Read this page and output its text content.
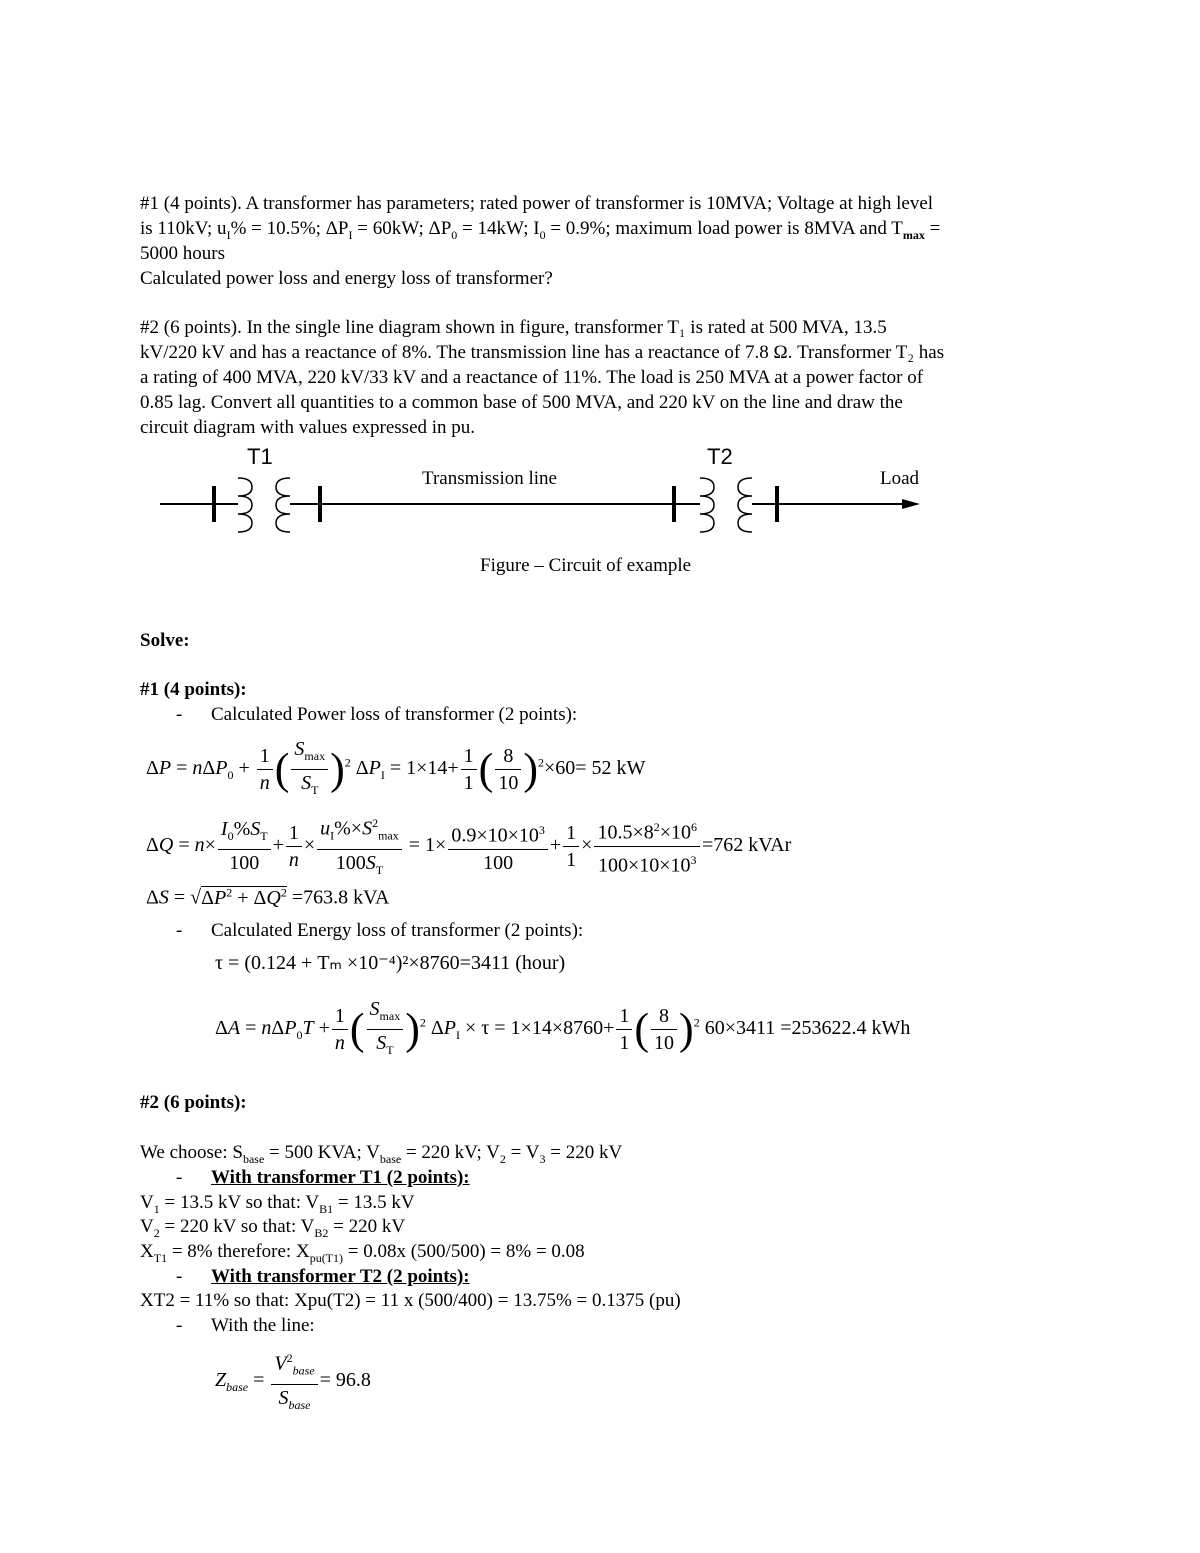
#1 (4 points). A transformer has parameters; rated power of transformer is 10MVA; Voltage at high level
is 110kV; $u_I\% = 10.5\%$; $\Delta P_I = 60kW$; $\Delta P_0 = 14kW$; $I_0 = 0.9\%$; maximum load power is 8MVA and $T_{max}$ =
5000 hours
Calculated power loss and energy loss of transformer?
#2 (6 points). In the single line diagram shown in figure, transformer T₁ is rated at 500 MVA, 13.5
kV/220 kV and has a reactance of 8%. The transmission line has a reactance of 7.8 Ω. Transformer T₂ has
a rating of 400 MVA, 220 kV/33 kV and a reactance of 11%. The load is 250 MVA at a power factor of
0.85 lag. Convert all quantities to a common base of 500 MVA, and 220 kV on the line and draw the
circuit diagram with values expressed in pu.
T1	T2
Transmission line	Load
Figure – Circuit of example
Solve:
#1 (4 points):
- Calculated Power loss of transformer (2 points):
$\Delta P = n\Delta P_0 + \frac{1}{n}$ ( $\frac{S_{max}}{S_T} )^2$ $\Delta P_I = 1\times 14+ \frac{1}{1}$ ( $\frac{8}{10} )^2\times 60= 52$ kW
$\Delta Q = n\times \frac{I_0\%S_T}{100} + \frac{1}{n} \times \frac{u_I\%\times S^2_{max}}{100S_T} = 1\times \frac{0.9\times 10\times 10^3}{100} + \frac{1}{1} \times \frac{10.5\times 8^2\times 10^6}{100\times 10\times 10^3} =762$ kVAr
$\Delta S = √\Delta P^2 + \Delta Q^2 =763.8$ kVA
- Calculated Energy loss of transformer (2 points):
τ = (0.124 + Tₘ ×10⁻⁴)²×8760=3411 (hour)
$\Delta A = n\Delta P_0T + \frac{1}{n}$ ( $\frac{S_{max}}{S_T} )^2$ $\Delta P_I \times \tau = 1\times 14\times 8760+ \frac{1}{1}$ ( $\frac{8}{10} )^2$ 60×3411 =253622.4 kWh
#2 (6 points):
We choose: $S_{base} = 500$ KVA; $V_{base} = 220$ kV; $V_2 = V_3 = 220$ kV
- With transformer T1 (2 points):
$V_1 = 13.5$ kV so that: $V_{B1} = 13.5$ kV
$V_2 = 220$ kV so that: $V_{B2} = 220$ kV
$X_{T1} = 8\%$ therefore: $X_{pu(T1)} = 0.08x$ (500/500) = 8% = 0.08
- With transformer T2 (2 points):
XT2 = 11% so that: Xpu(T2) = 11 x (500/400) = 13.75% = 0.1375 (pu)
- With the line:
$Z_{base} = \frac{V^2_{base}}{S_{base}} = 96.8$
